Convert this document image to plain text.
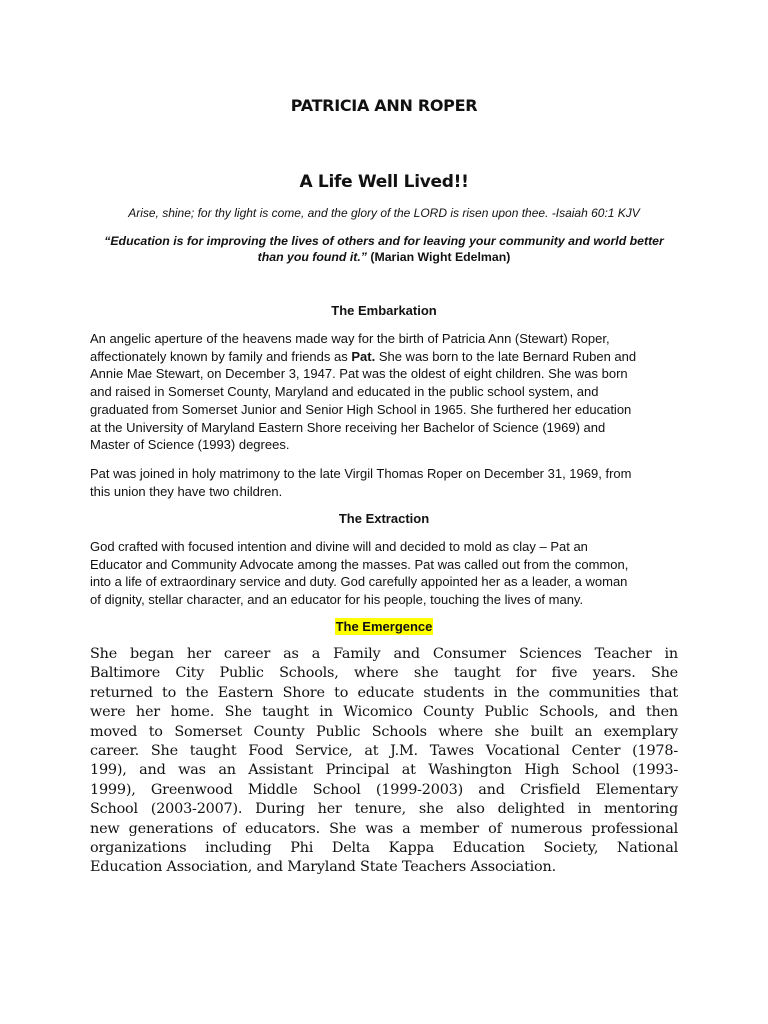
PATRICIA ANN ROPER
A Life Well Lived!!
Arise, shine; for thy light is come, and the glory of the LORD is risen upon thee. -Isaiah 60:1 KJV
“Education is for improving the lives of others and for leaving your community and world better
than you found it.” (Marian Wight Edelman)
The Embarkation
An angelic aperture of the heavens made way for the birth of Patricia Ann (Stewart) Roper,
affectionately known by family and friends as Pat. She was born to the late Bernard Ruben and
Annie Mae Stewart, on December 3, 1947. Pat was the oldest of eight children. She was born
and raised in Somerset County, Maryland and educated in the public school system, and
graduated from Somerset Junior and Senior High School in 1965. She furthered her education
at the University of Maryland Eastern Shore receiving her Bachelor of Science (1969) and
Master of Science (1993) degrees.
Pat was joined in holy matrimony to the late Virgil Thomas Roper on December 31, 1969, from
this union they have two children.
The Extraction
God crafted with focused intention and divine will and decided to mold as clay – Pat an
Educator and Community Advocate among the masses. Pat was called out from the common,
into a life of extraordinary service and duty. God carefully appointed her as a leader, a woman
of dignity, stellar character, and an educator for his people, touching the lives of many.
The Emergence
She began her career as a Family and Consumer Sciences Teacher in
Baltimore City Public Schools, where she taught for five years. She
returned to the Eastern Shore to educate students in the communities that
were her home. She taught in Wicomico County Public Schools, and then
moved to Somerset County Public Schools where she built an exemplary
career. She taught Food Service, at J.M. Tawes Vocational Center (1978-
199), and was an Assistant Principal at Washington High School (1993-
1999), Greenwood Middle School (1999-2003) and Crisfield Elementary
School (2003-2007). During her tenure, she also delighted in mentoring
new generations of educators. She was a member of numerous professional
organizations including Phi Delta Kappa Education Society, National
Education Association, and Maryland State Teachers Association.
